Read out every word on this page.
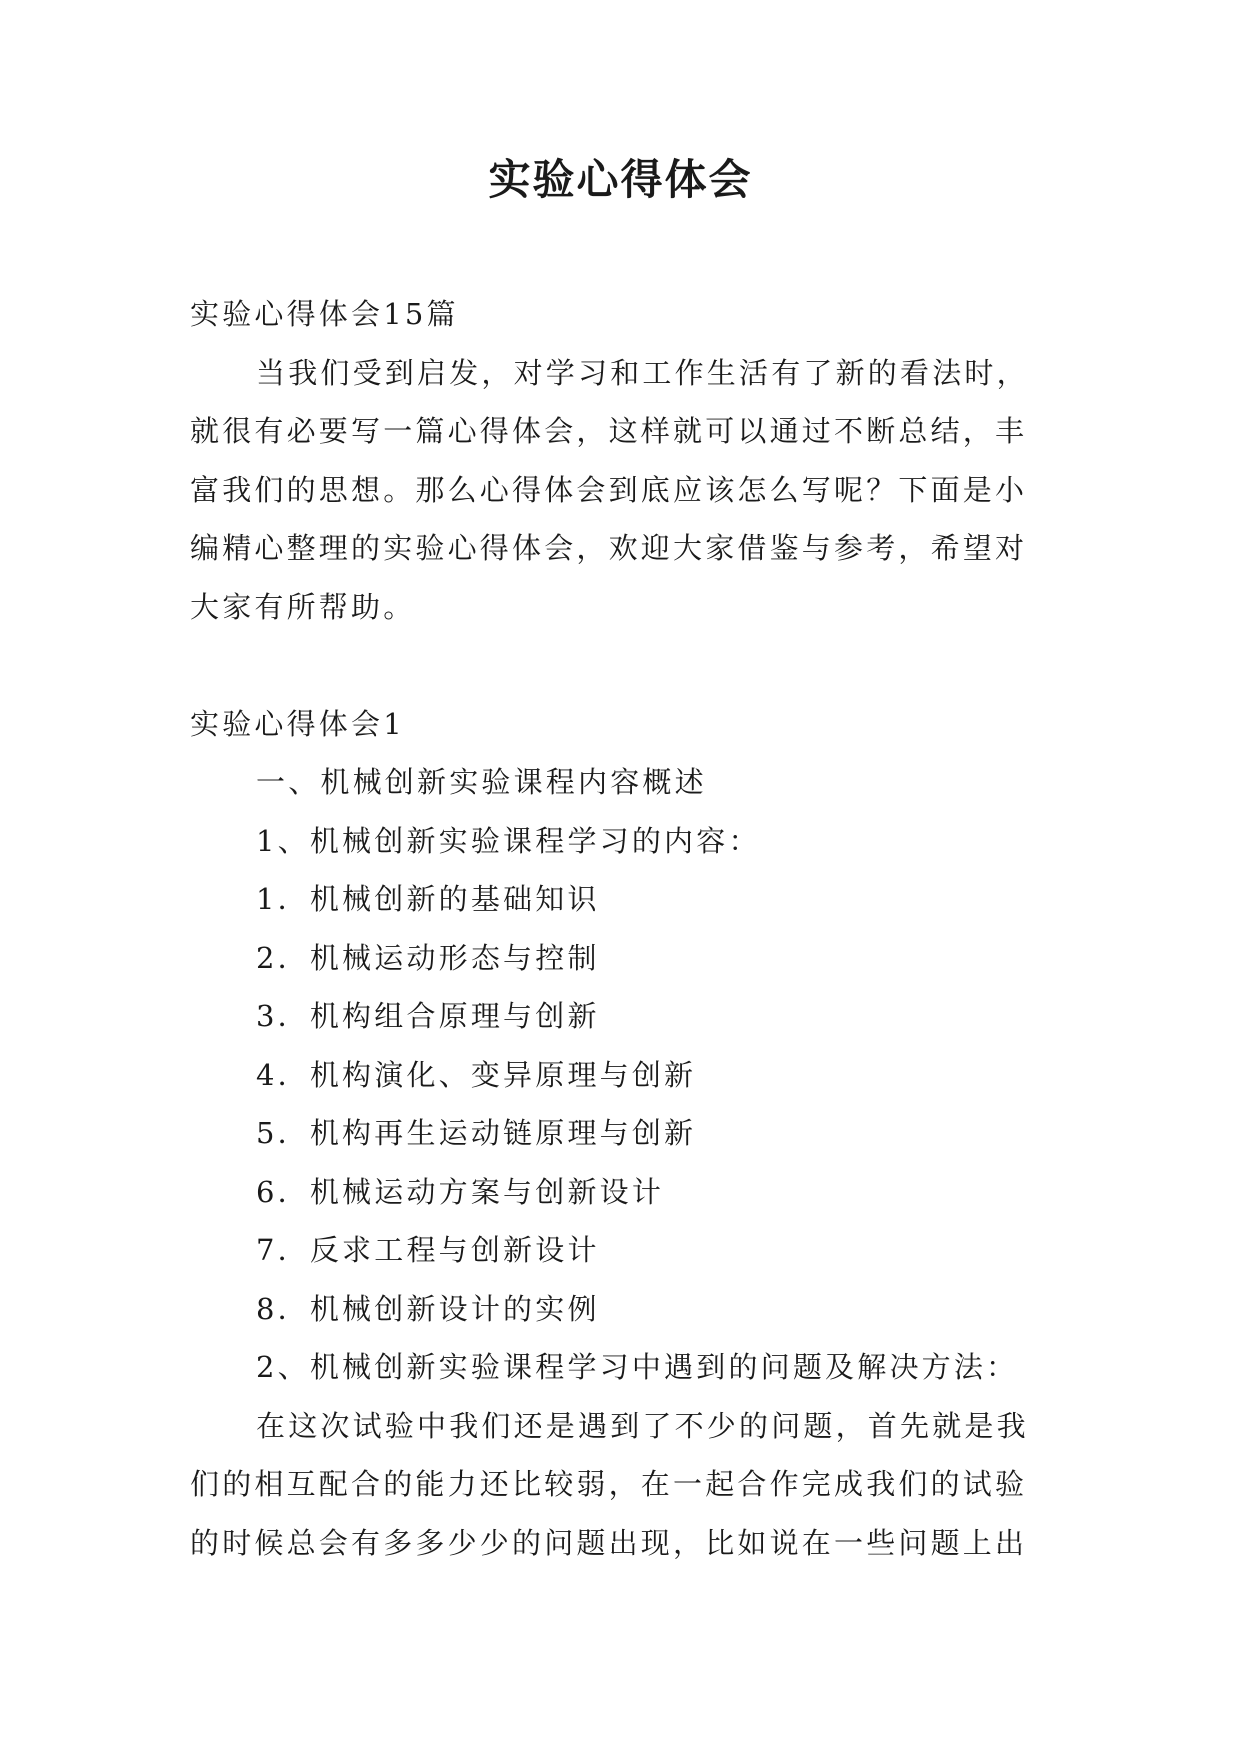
实验心得体会

实验心得体会15篇

当我们受到启发，对学习和工作生活有了新的看法时，就很有必要写一篇心得体会，这样就可以通过不断总结，丰富我们的思想。那么心得体会到底应该怎么写呢？下面是小编精心整理的实验心得体会，欢迎大家借鉴与参考，希望对大家有所帮助。

实验心得体会1

一、机械创新实验课程内容概述

1、机械创新实验课程学习的内容：

1．机械创新的基础知识

2．机械运动形态与控制

3．机构组合原理与创新

4．机构演化、变异原理与创新

5．机构再生运动链原理与创新

6．机械运动方案与创新设计

7．反求工程与创新设计

8．机械创新设计的实例

2、机械创新实验课程学习中遇到的问题及解决方法：

在这次试验中我们还是遇到了不少的问题，首先就是我们的相互配合的能力还比较弱，在一起合作完成我们的试验的时候总会有多多少少的问题出现，比如说在一些问题上出
